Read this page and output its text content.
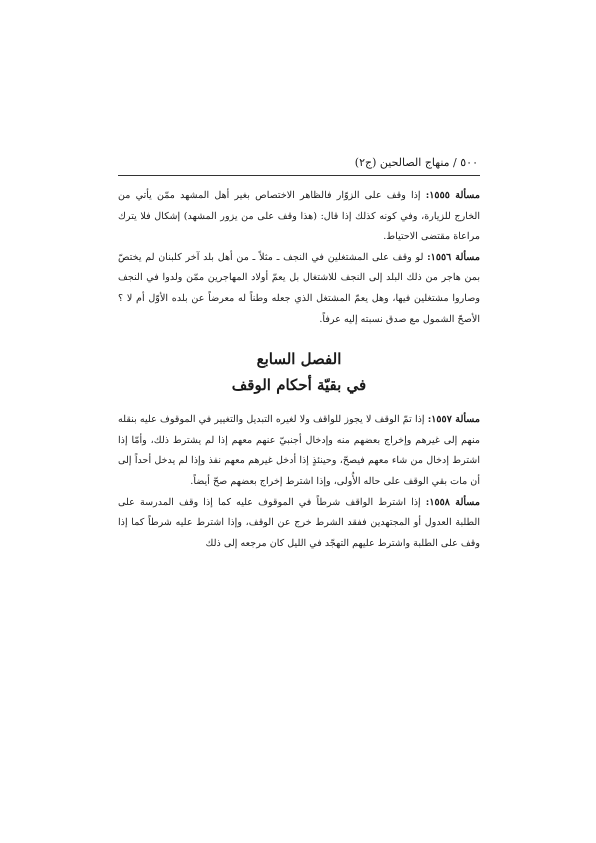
٥٠٠ / منهاج الصالحين (ج٢)

مسألة ١٥٥٥: إذا وقف على الزوّار فالظاهر الاختصاص بغير أهل المشهد ممّن يأتي من الخارج للزيارة، وفي كونه كذلك إذا قال: (هذا وقف على من يزور المشهد) إشكال فلا يترك مراعاة مقتضى الاحتياط.

مسألة ١٥٥٦: لو وقف على المشتغلين في النجف ـ مثلاً ـ من أهل بلد آخر كلبنان لم يختصّ بمن هاجر من ذلك البلد إلى النجف للاشتغال بل يعمّ أولاد المهاجرين ممّن ولدوا في النجف وصاروا مشتغلين فيها، وهل يعمّ المشتغل الذي جعله وطناً له معرضاً عن بلده الأوّل أم لا ؟ الأصحّ الشمول مع صدق نسبته إليه عرفاً.

الفصل السابع

في بقيّة أحكام الوقف

مسألة ١٥٥٧: إذا تمّ الوقف لا يجوز للواقف ولا لغيره التبديل والتغيير في الموقوف عليه بنقله منهم إلى غيرهم وإخراج بعضهم منه وإدخال أجنبيّ عنهم معهم إذا لم يشترط ذلك، وأمّا إذا اشترط إدخال من شاء معهم فيصحّ، وحينئذٍ إذا أدخل غيرهم معهم نفذ وإذا لم يدخل أحداً إلى أن مات بقي الوقف على حاله الأُولى، وإذا اشترط إخراج بعضهم صحّ أيضاً.

مسألة ١٥٥٨: إذا اشترط الواقف شرطاً في الموقوف عليه كما إذا وقف المدرسة على الطلبة العدول أو المجتهدين ففقد الشرط خرج عن الوقف، وإذا اشترط عليه شرطاً كما إذا وقف على الطلبة واشترط عليهم التهجّد في الليل كان مرجعه إلى ذلك
